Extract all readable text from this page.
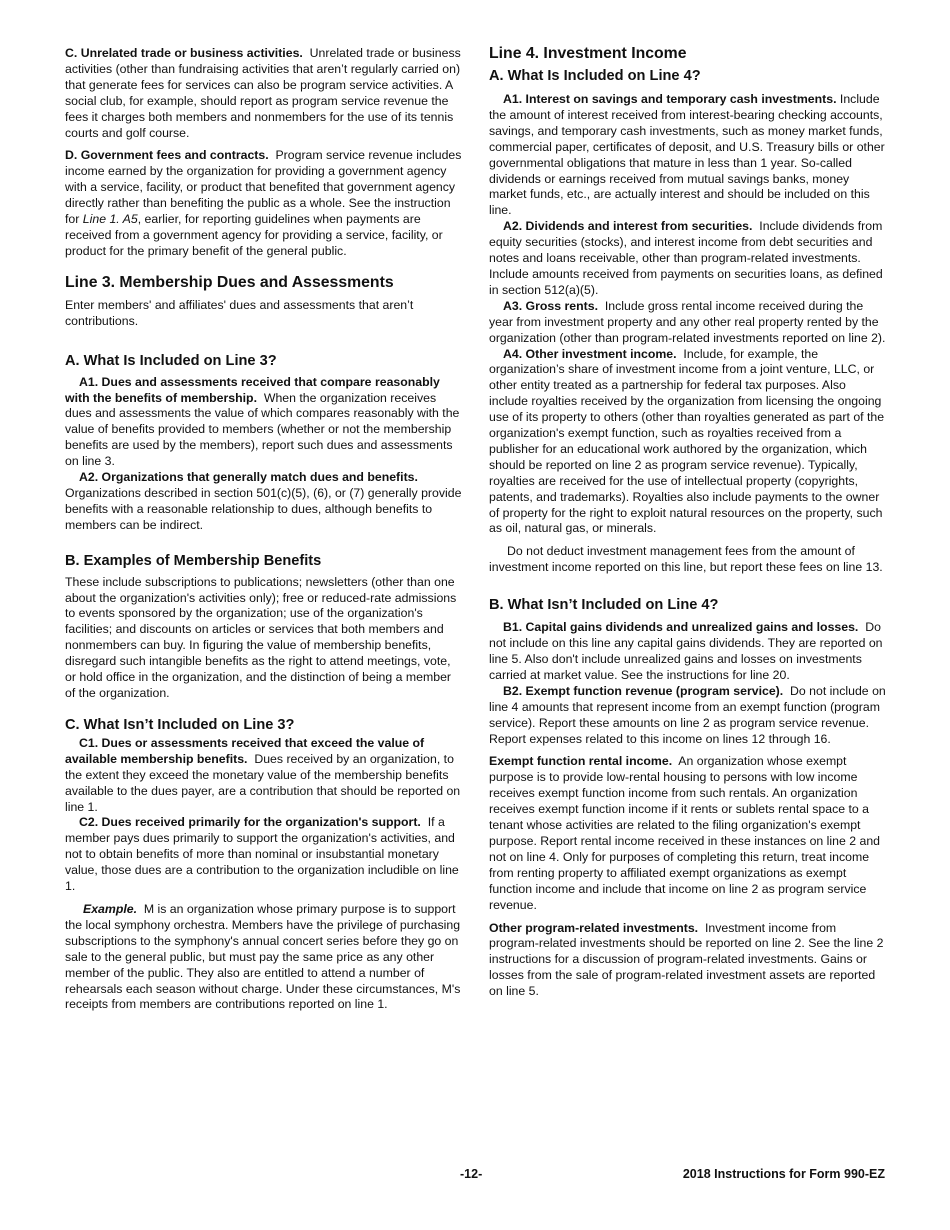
C. Unrelated trade or business activities. Unrelated trade or business activities (other than fundraising activities that aren’t regularly carried on) that generate fees for services can also be program service activities. A social club, for example, should report as program service revenue the fees it charges both members and nonmembers for the use of its tennis courts and golf course.

D. Government fees and contracts. Program service revenue includes income earned by the organization for providing a government agency with a service, facility, or product that benefited that government agency directly rather than benefiting the public as a whole. See the instruction for Line 1. A5, earlier, for reporting guidelines when payments are received from a government agency for providing a service, facility, or product for the primary benefit of the general public.

Line 3. Membership Dues and Assessments

Enter members' and affiliates' dues and assessments that aren’t contributions.

A. What Is Included on Line 3?

A1. Dues and assessments received that compare reasonably with the benefits of membership. When the organization receives dues and assessments the value of which compares reasonably with the value of benefits provided to members (whether or not the membership benefits are used by the members), report such dues and assessments on line 3.

A2. Organizations that generally match dues and benefits.  Organizations described in section 501(c)(5), (6), or (7) generally provide benefits with a reasonable relationship to dues, although benefits to members can be indirect.

B. Examples of Membership Benefits

These include subscriptions to publications; newsletters (other than one about the organization's activities only); free or reduced-rate admissions to events sponsored by the organization; use of the organization's facilities; and discounts on articles or services that both members and nonmembers can buy. In figuring the value of membership benefits, disregard such intangible benefits as the right to attend meetings, vote, or hold office in the organization, and the distinction of being a member of the organization.

C. What Isn’t Included on Line 3?

C1. Dues or assessments received that exceed the value of available membership benefits. Dues received by an organization, to the extent they exceed the monetary value of the membership benefits available to the dues payer, are a contribution that should be reported on line 1.

C2. Dues received primarily for the organization's support. If a member pays dues primarily to support the organization's activities, and not to obtain benefits of more than nominal or insubstantial monetary value, those dues are a contribution to the organization includible on line 1.

Example. M is an organization whose primary purpose is to support the local symphony orchestra. Members have the privilege of purchasing subscriptions to the symphony's annual concert series before they go on sale to the general public, but must pay the same price as any other member of the public. They also are entitled to attend a number of rehearsals each season without charge. Under these circumstances, M's receipts from members are contributions reported on line 1.

Line 4. Investment Income
A. What Is Included on Line 4?

A1. Interest on savings and temporary cash investments. Include the amount of interest received from interest-bearing checking accounts, savings, and temporary cash investments, such as money market funds, commercial paper, certificates of deposit, and U.S. Treasury bills or other governmental obligations that mature in less than 1 year. So-called dividends or earnings received from mutual savings banks, money market funds, etc., are actually interest and should be included on this line.

A2. Dividends and interest from securities. Include dividends from equity securities (stocks), and interest income from debt securities and notes and loans receivable, other than program-related investments. Include amounts received from payments on securities loans, as defined in section 512(a)(5).

A3. Gross rents. Include gross rental income received during the year from investment property and any other real property rented by the organization (other than program-related investments reported on line 2).

A4. Other investment income. Include, for example, the organization’s share of investment income from a joint venture, LLC, or other entity treated as a partnership for federal tax purposes. Also include royalties received by the organization from licensing the ongoing use of its property to others (other than royalties generated as part of the organization's exempt function, such as royalties received from a publisher for an educational work authored by the organization, which should be reported on line 2 as program service revenue). Typically, royalties are received for the use of intellectual property (copyrights, patents, and trademarks). Royalties also include payments to the owner of property for the right to exploit natural resources on the property, such as oil, natural gas, or minerals.

Do not deduct investment management fees from the amount of investment income reported on this line, but report these fees on line 13.

B. What Isn’t Included on Line 4?

B1. Capital gains dividends and unrealized gains and losses. Do not include on this line any capital gains dividends. They are reported on line 5. Also don't include unrealized gains and losses on investments carried at market value. See the instructions for line 20.

B2. Exempt function revenue (program service). Do not include on line 4 amounts that represent income from an exempt function (program service). Report these amounts on line 2 as program service revenue. Report expenses related to this income on lines 12 through 16.

Exempt function rental income. An organization whose exempt purpose is to provide low-rental housing to persons with low income receives exempt function income from such rentals. An organization receives exempt function income if it rents or sublets rental space to a tenant whose activities are related to the filing organization's exempt purpose. Report rental income received in these instances on line 2 and not on line 4. Only for purposes of completing this return, treat income from renting property to affiliated exempt organizations as exempt function income and include that income on line 2 as program service revenue.

Other program-related investments. Investment income from program-related investments should be reported on line 2. See the line 2 instructions for a discussion of program-related investments. Gains or losses from the sale of program-related investment assets are reported on line 5.

-12-	2018 Instructions for Form 990-EZ
